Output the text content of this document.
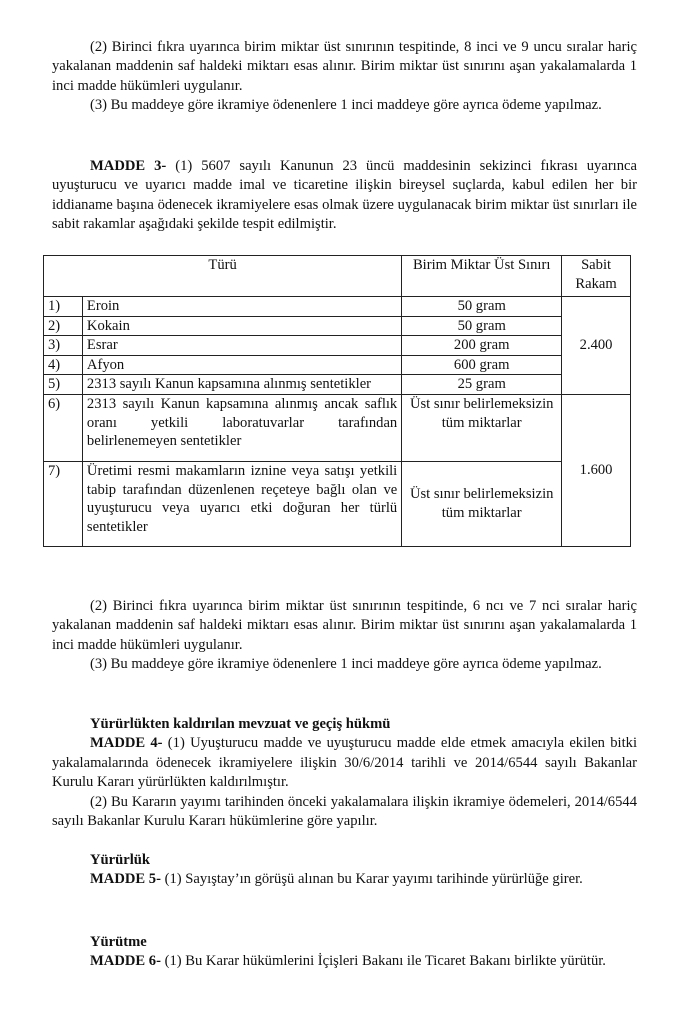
(2) Birinci fıkra uyarınca birim miktar üst sınırının tespitinde, 8 inci ve 9 uncu sıralar hariç yakalanan maddenin saf haldeki miktarı esas alınır. Birim miktar üst sınırını aşan yakalamalarda 1 inci madde hükümleri uygulanır.

(3) Bu maddeye göre ikramiye ödenenlere 1 inci maddeye göre ayrıca ödeme yapılmaz.

MADDE 3- (1) 5607 sayılı Kanunun 23 üncü maddesinin sekizinci fıkrası uyarınca uyuşturucu ve uyarıcı madde imal ve ticaretine ilişkin bireysel suçlarda, kabul edilen her bir iddianame başına ödenecek ikramiyelere esas olmak üzere uygulanacak birim miktar üst sınırları ile sabit rakamlar aşağıdaki şekilde tespit edilmiştir.

Türü		Birim Miktar Üst Sınırı	Sabit Rakam
1)	Eroin	50 gram	2.400
2)	Kokain	50 gram	
3)	Esrar	200 gram	
4)	Afyon	600 gram	
5)	2313 sayılı Kanun kapsamına alınmış sentetikler	25 gram	
6)	2313 sayılı Kanun kapsamına alınmış ancak saflık oranı yetkili laboratuvarlar tarafından belirlenemeyen sentetikler	Üst sınır belirlemeksizin tüm miktarlar	1.600
7)	Üretimi resmi makamların iznine veya satışı yetkili tabip tarafından düzenlenen reçeteye bağlı olan ve uyuşturucu veya uyarıcı etki doğuran her türlü sentetikler	Üst sınır belirlemeksizin tüm miktarlar	

(2) Birinci fıkra uyarınca birim miktar üst sınırının tespitinde, 6 ncı ve 7 nci sıralar hariç yakalanan maddenin saf haldeki miktarı esas alınır. Birim miktar üst sınırını aşan yakalamalarda 1 inci madde hükümleri uygulanır.

(3) Bu maddeye göre ikramiye ödenenlere 1 inci maddeye göre ayrıca ödeme yapılmaz.

Yürürlükten kaldırılan mevzuat ve geçiş hükmü

MADDE 4- (1) Uyuşturucu madde ve uyuşturucu madde elde etmek amacıyla ekilen bitki yakalamalarında ödenecek ikramiyelere ilişkin 30/6/2014 tarihli ve 2014/6544 sayılı Bakanlar Kurulu Kararı yürürlükten kaldırılmıştır.

(2) Bu Kararın yayımı tarihinden önceki yakalamalara ilişkin ikramiye ödemeleri, 2014/6544 sayılı Bakanlar Kurulu Kararı hükümlerine göre yapılır.

Yürürlük

MADDE 5- (1) Sayıştay’ın görüşü alınan bu Karar yayımı tarihinde yürürlüğe girer.

Yürütme

MADDE 6- (1) Bu Karar hükümlerini İçişleri Bakanı ile Ticaret Bakanı birlikte yürütür.
